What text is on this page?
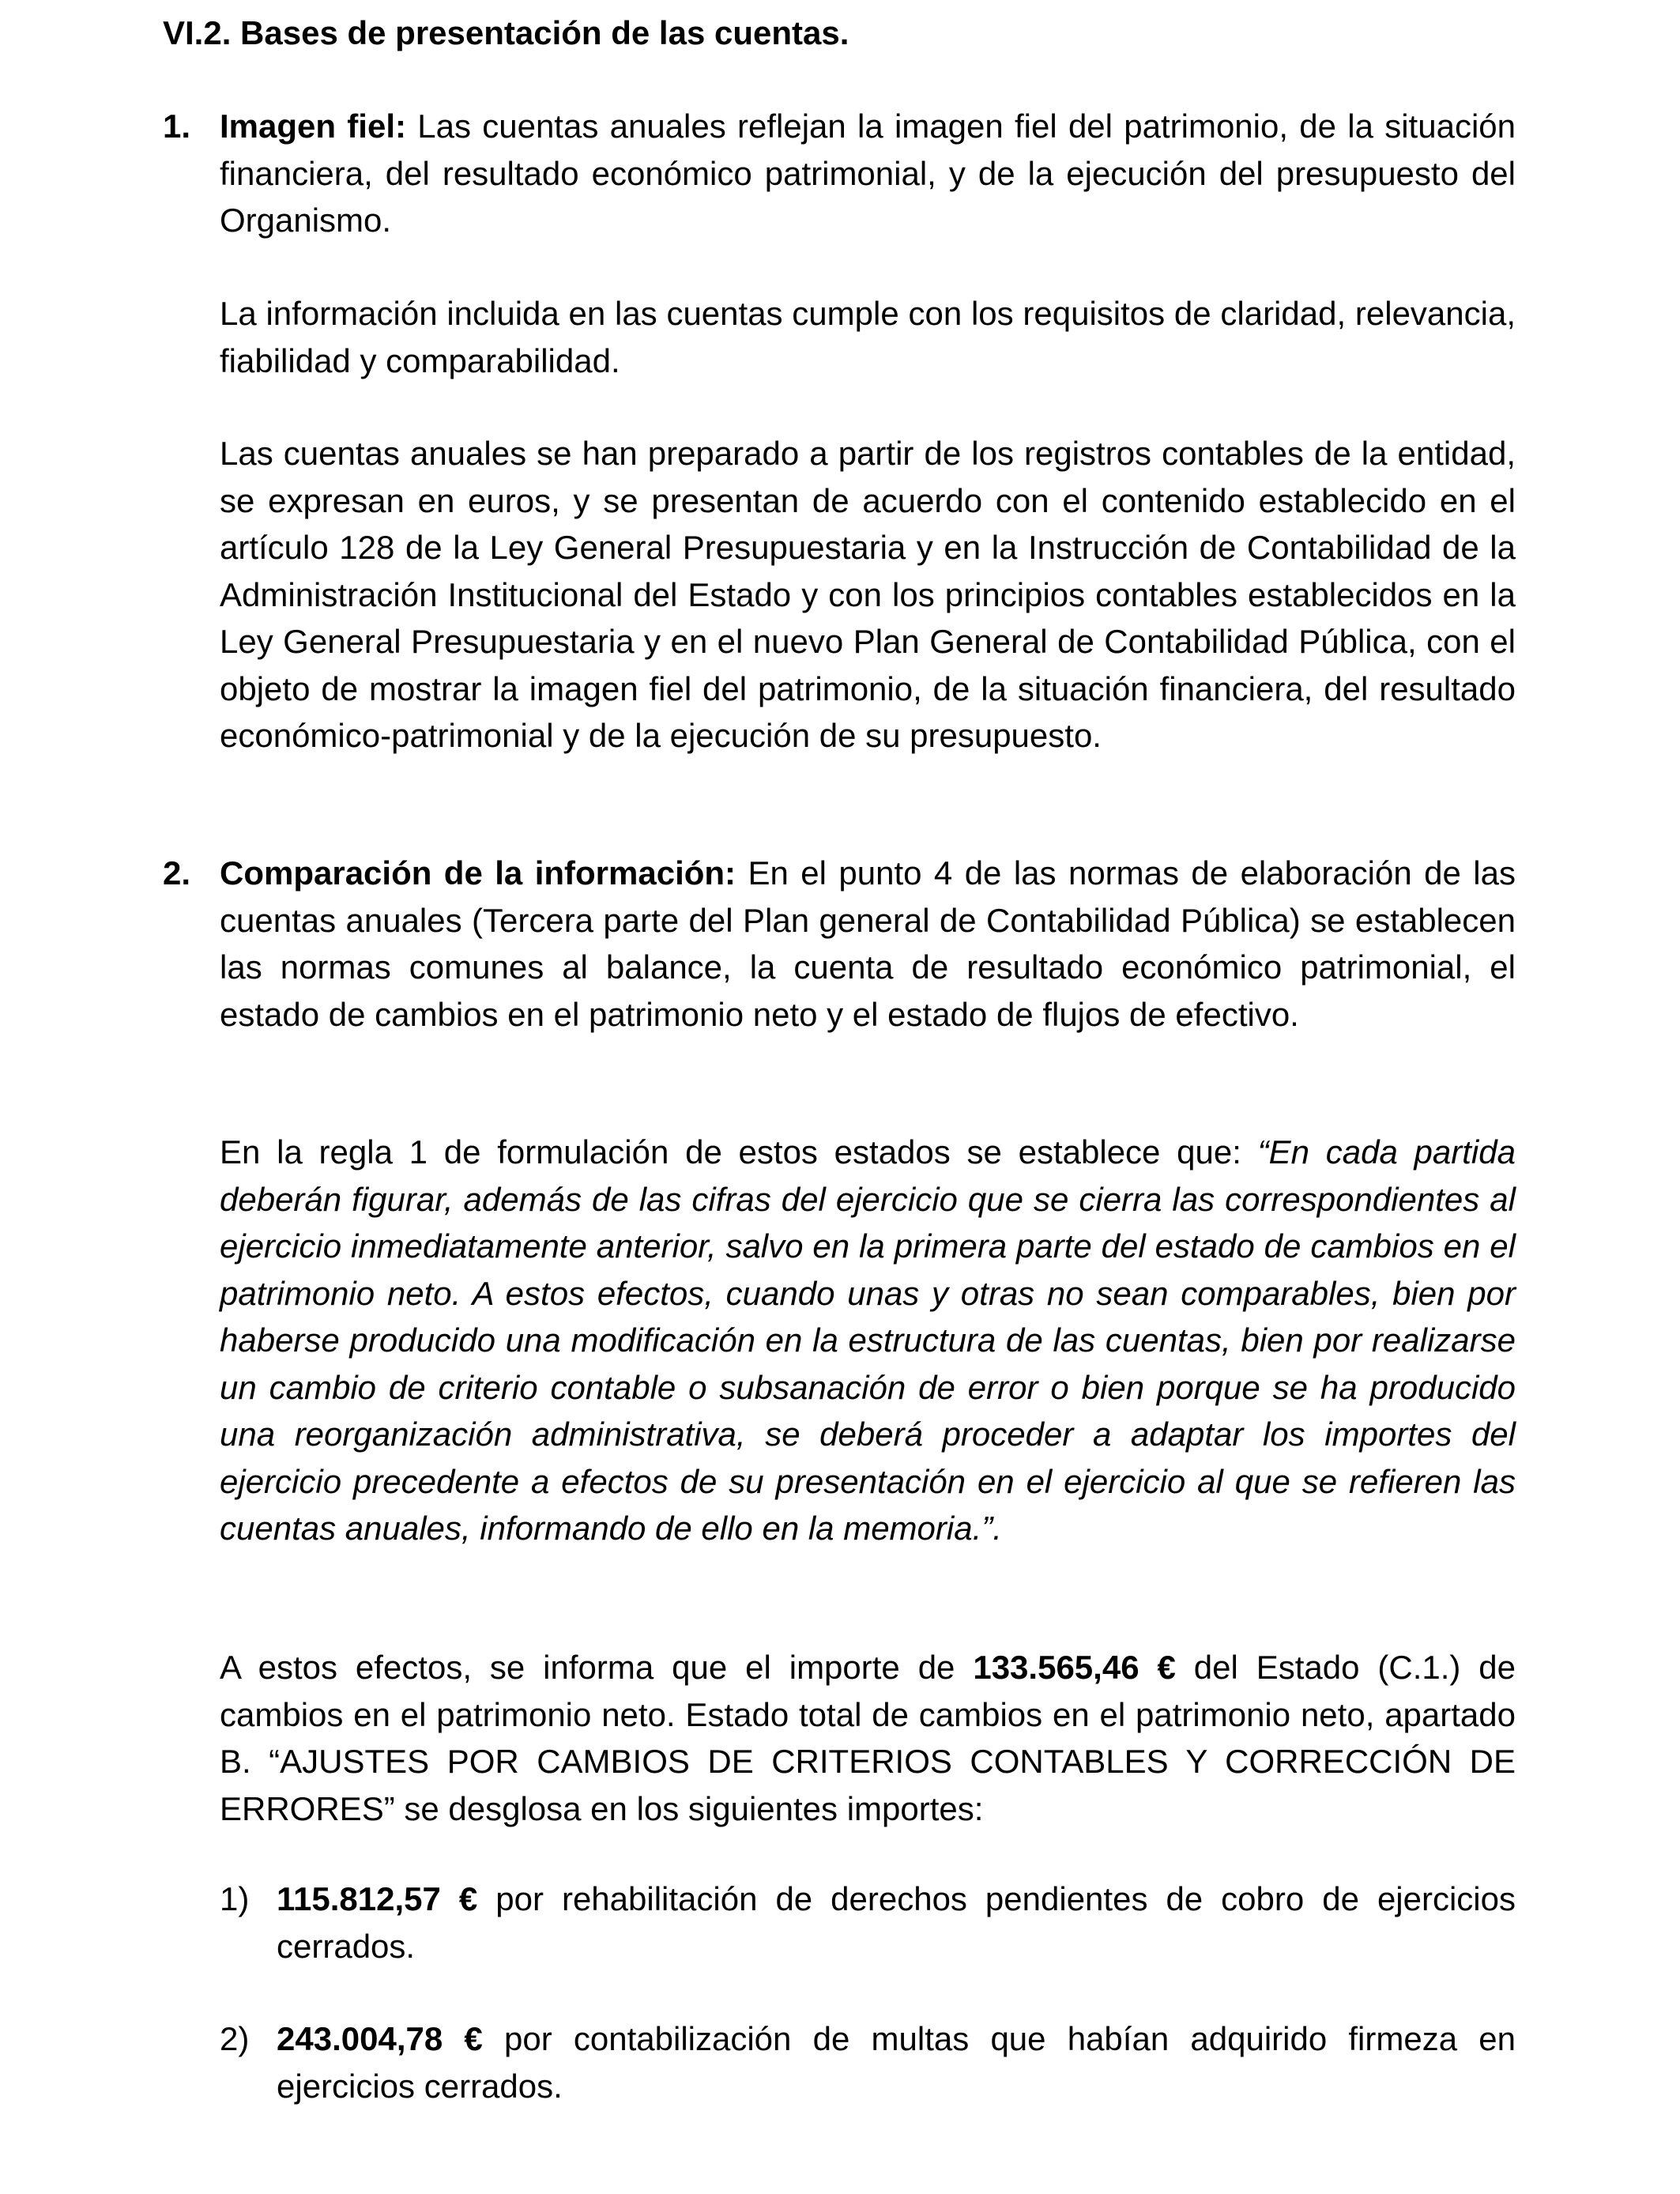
VI.2. Bases de presentación de las cuentas.
1. Imagen fiel: Las cuentas anuales reflejan la imagen fiel del patrimonio, de la situación financiera, del resultado económico patrimonial, y de la ejecución del presupuesto del Organismo.
La información incluida en las cuentas cumple con los requisitos de claridad, relevancia, fiabilidad y comparabilidad.
Las cuentas anuales se han preparado a partir de los registros contables de la entidad, se expresan en euros, y se presentan de acuerdo con el contenido establecido en el artículo 128 de la Ley General Presupuestaria y en la Instrucción de Contabilidad de la Administración Institucional del Estado y con los principios contables establecidos en la Ley General Presupuestaria y en el nuevo Plan General de Contabilidad Pública, con el objeto de mostrar la imagen fiel del patrimonio, de la situación financiera, del resultado económico-patrimonial y de la ejecución de su presupuesto.
2. Comparación de la información: En el punto 4 de las normas de elaboración de las cuentas anuales (Tercera parte del Plan general de Contabilidad Pública) se establecen las normas comunes al balance, la cuenta de resultado económico patrimonial, el estado de cambios en el patrimonio neto y el estado de flujos de efectivo.
En la regla 1 de formulación de estos estados se establece que: “En cada partida deberán figurar, además de las cifras del ejercicio que se cierra las correspondientes al ejercicio inmediatamente anterior, salvo en la primera parte del estado de cambios en el patrimonio neto. A estos efectos, cuando unas y otras no sean comparables, bien por haberse producido una modificación en la estructura de las cuentas, bien por realizarse un cambio de criterio contable o subsanación de error o bien porque se ha producido una reorganización administrativa, se deberá proceder a adaptar los importes del ejercicio precedente a efectos de su presentación en el ejercicio al que se refieren las cuentas anuales, informando de ello en la memoria.”.
A estos efectos, se informa que el importe de 133.565,46 € del Estado (C.1.) de cambios en el patrimonio neto. Estado total de cambios en el patrimonio neto, apartado B. “AJUSTES POR CAMBIOS DE CRITERIOS CONTABLES Y CORRECCIÓN DE ERRORES” se desglosa en los siguientes importes:
1) 115.812,57 € por rehabilitación de derechos pendientes de cobro de ejercicios cerrados.
2) 243.004,78 € por contabilización de multas que habían adquirido firmeza en ejercicios cerrados.
